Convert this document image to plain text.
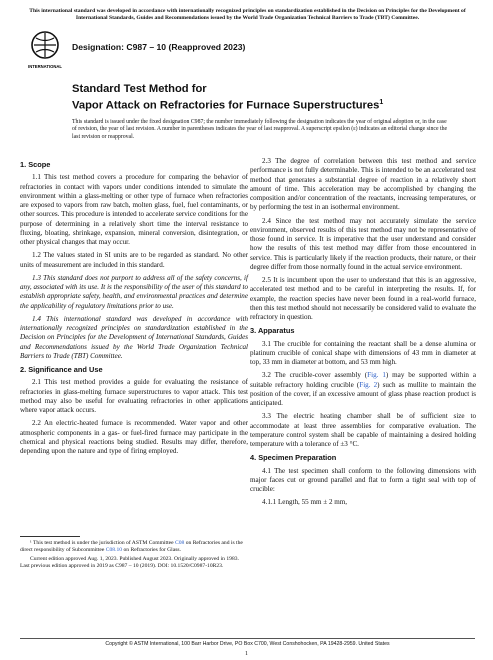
This international standard was developed in accordance with internationally recognized principles on standardization established in the Decision on Principles for the Development of International Standards, Guides and Recommendations issued by the World Trade Organization Technical Barriers to Trade (TBT) Committee.
INTERNATIONAL
Designation: C987 – 10 (Reapproved 2023)
Standard Test Method for
Vapor Attack on Refractories for Furnace Superstructures$^1$
This standard is issued under the fixed designation C987; the number immediately following the designation indicates the year of original adoption or, in the case of revision, the year of last revision. A number in parentheses indicates the year of last reapproval. A superscript epsilon (ε) indicates an editorial change since the last revision or reapproval.
1. Scope

1.1 This test method covers a procedure for comparing the behavior of refractories in contact with vapors under conditions intended to simulate the environment within a glass-melting or other type of furnace when refractories are exposed to vapors from raw batch, molten glass, fuel, fuel contaminants, or other sources. This procedure is intended to accelerate service conditions for the purpose of determining in a relatively short time the interval resistance to fluxing, bloating, shrinkage, expansion, mineral conversion, disintegration, or other physical changes that may occur.

1.2 The values stated in SI units are to be regarded as standard. No other units of measurement are included in this standard.

1.3 This standard does not purport to address all of the safety concerns, if any, associated with its use. It is the responsibility of the user of this standard to establish appropriate safety, health, and environmental practices and determine the applicability of regulatory limitations prior to use.

1.4 This international standard was developed in accordance with internationally recognized principles on standardization established in the Decision on Principles for the Development of International Standards, Guides and Recommendations issued by the World Trade Organization Technical Barriers to Trade (TBT) Committee.

2. Significance and Use

2.1 This test method provides a guide for evaluating the resistance of refractories in glass-melting furnace superstructures to vapor attack. This test method may also be useful for evaluating refractories in other applications where vapor attack occurs.

2.2 An electric-heated furnace is recommended. Water vapor and other atmospheric components in a gas- or fuel-fired furnace may participate in the chemical and physical reactions being studied. Results may differ, therefore, depending upon the nature and type of firing employed.

2.3 The degree of correlation between this test method and service performance is not fully determinable. This is intended to be an accelerated test method that generates a substantial degree of reaction in a relatively short amount of time. This acceleration may be accomplished by changing the composition and/or concentration of the reactants, increasing temperatures, or by performing the test in an isothermal environment.

2.4 Since the test method may not accurately simulate the service environment, observed results of this test method may not be representative of those found in service. It is imperative that the user understand and consider how the results of this test method may differ from those encountered in service. This is particularly likely if the reaction products, their nature, or their degree differ from those normally found in the actual service environment.

2.5 It is incumbent upon the user to understand that this is an aggressive, accelerated test method and to be careful in interpreting the results. If, for example, the reaction species have never been found in a real-world furnace, then this test method should not necessarily be considered valid to evaluate the refractory in question.

3. Apparatus

3.1 The crucible for containing the reactant shall be a dense alumina or platinum crucible of conical shape with dimensions of 43 mm in diameter at top, 33 mm in diameter at bottom, and 53 mm high.

3.2 The crucible-cover assembly (Fig. 1) may be supported within a suitable refractory holding crucible (Fig. 2) such as mullite to maintain the position of the cover, if an excessive amount of glass phase reaction product is anticipated.

3.3 The electric heating chamber shall be of sufficient size to accommodate at least three assemblies for comparative evaluation. The temperature control system shall be capable of maintaining a desired holding temperature with a tolerance of ±3 °C.

4. Specimen Preparation

4.1 The test specimen shall conform to the following dimensions with major faces cut or ground parallel and flat to form a tight seal with top of crucible:

4.1.1 Length, 55 mm ± 2 mm,

¹ This test method is under the jurisdiction of ASTM Committee C08 on Refractories and is the direct responsibility of Subcommittee C08.10 on Refractories for Glass.

Current edition approved Aug. 1, 2023. Published August 2023. Originally approved in 1983. Last previous edition approved in 2019 as C987 – 10 (2019). DOI: 10.1520/C0987-10R23.

Copyright © ASTM International, 100 Barr Harbor Drive, PO Box C700, West Conshohocken, PA 19428-2959. United States
1
